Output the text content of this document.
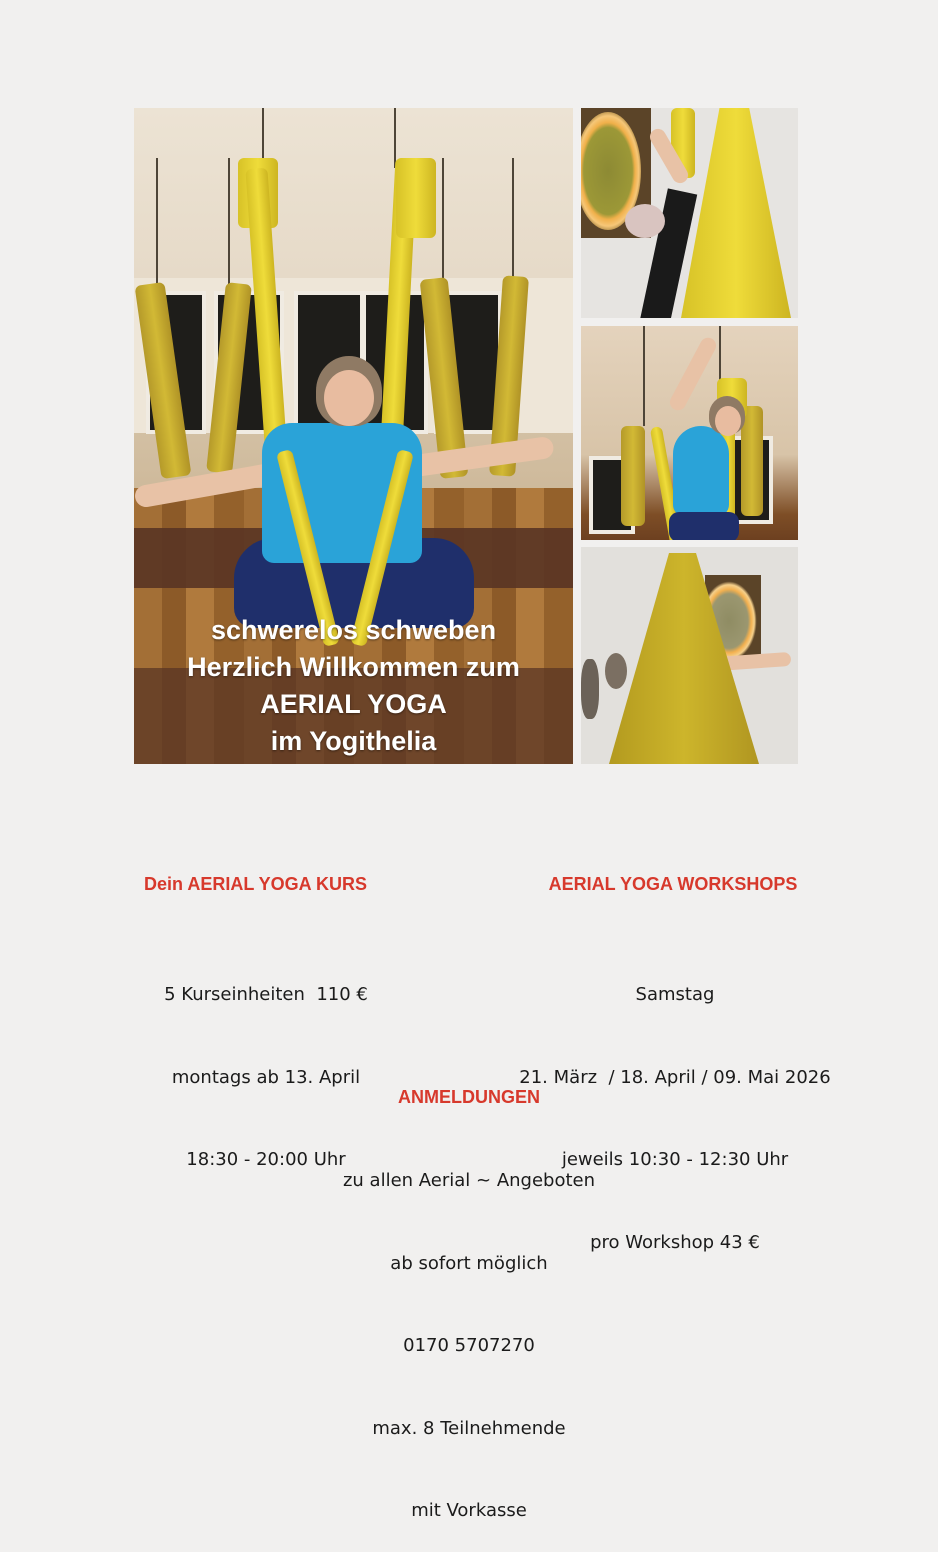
schwerelos schweben
Herzlich Willkommen zum
AERIAL YOGA
im Yogithelia
Dein AERIAL YOGA KURS

5 Kurseinheiten  110 €

montags ab 13. April

18:30 - 20:00 Uhr

AERIAL YOGA WORKSHOPS

Samstag

21. März  / 18. April / 09. Mai 2026

jeweils 10:30 - 12:30 Uhr

pro Workshop 43 €

ANMELDUNGEN

zu allen Aerial ~ Angeboten

ab sofort möglich

0170 5707270

max. 8 Teilnehmende

mit Vorkasse
